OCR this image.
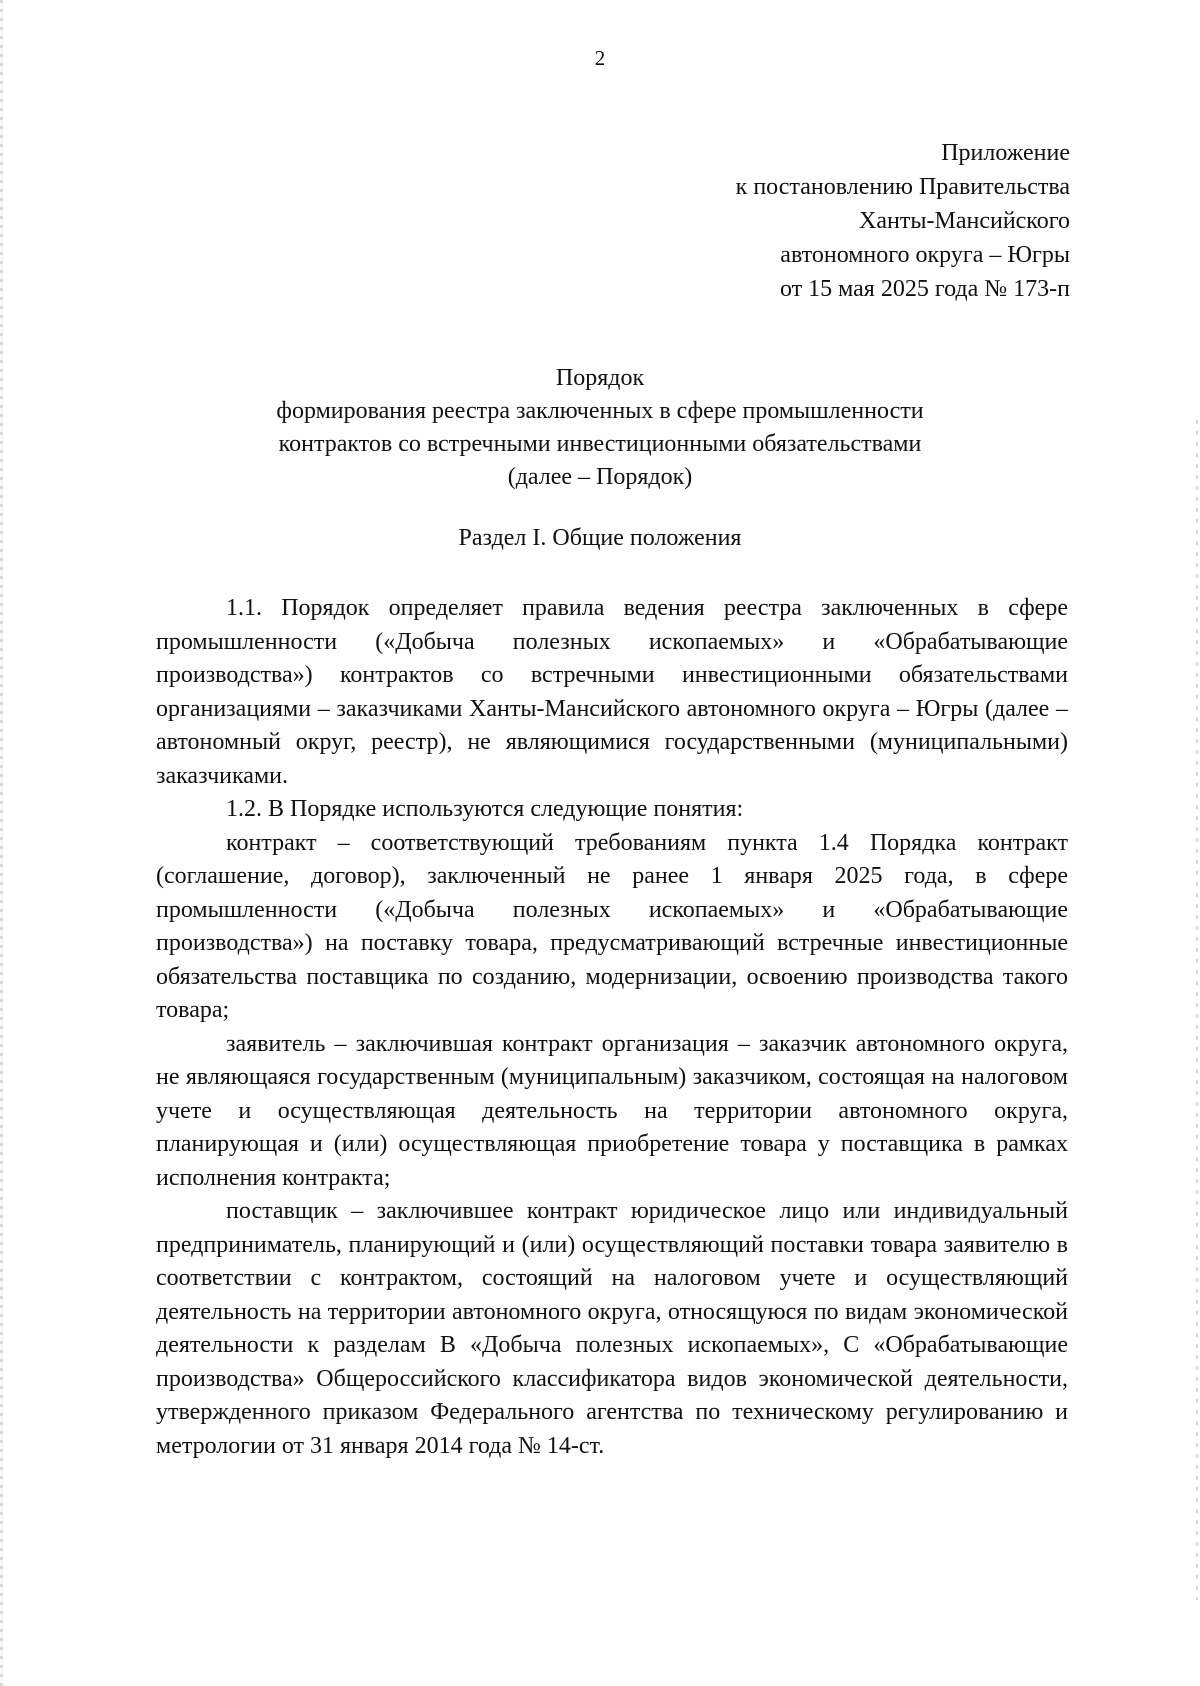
2
Приложение
к постановлению Правительства
Ханты-Мансийского
автономного округа – Югры
от 15 мая 2025 года № 173-п
Порядок
формирования реестра заключенных в сфере промышленности
контрактов со встречными инвестиционными обязательствами
(далее – Порядок)
Раздел I. Общие положения

1.1. Порядок определяет правила ведения реестра заключенных в сфере промышленности («Добыча полезных ископаемых» и «Обрабатывающие производства») контрактов со встречными инвестиционными обязательствами организациями – заказчиками Ханты-Мансийского автономного округа – Югры (далее – автономный округ, реестр), не являющимися государственными (муниципальными) заказчиками.

1.2. В Порядке используются следующие понятия:

контракт – соответствующий требованиям пункта 1.4 Порядка контракт (соглашение, договор), заключенный не ранее 1 января 2025 года, в сфере промышленности («Добыча полезных ископаемых» и «Обрабатывающие производства») на поставку товара, предусматривающий встречные инвестиционные обязательства поставщика по созданию, модернизации, освоению производства такого товара;

заявитель – заключившая контракт организация – заказчик автономного округа, не являющаяся государственным (муниципальным) заказчиком, состоящая на налоговом учете и осуществляющая деятельность на территории автономного округа, планирующая и (или) осуществляющая приобретение товара у поставщика в рамках исполнения контракта;

поставщик – заключившее контракт юридическое лицо или индивидуальный предприниматель, планирующий и (или) осуществляющий поставки товара заявителю в соответствии с контрактом, состоящий на налоговом учете и осуществляющий деятельность на территории автономного округа, относящуюся по видам экономической деятельности к разделам В «Добыча полезных ископаемых», С «Обрабатывающие производства» Общероссийского классификатора видов экономической деятельности, утвержденного приказом Федерального агентства по техническому регулированию и метрологии от 31 января 2014 года № 14-ст.
